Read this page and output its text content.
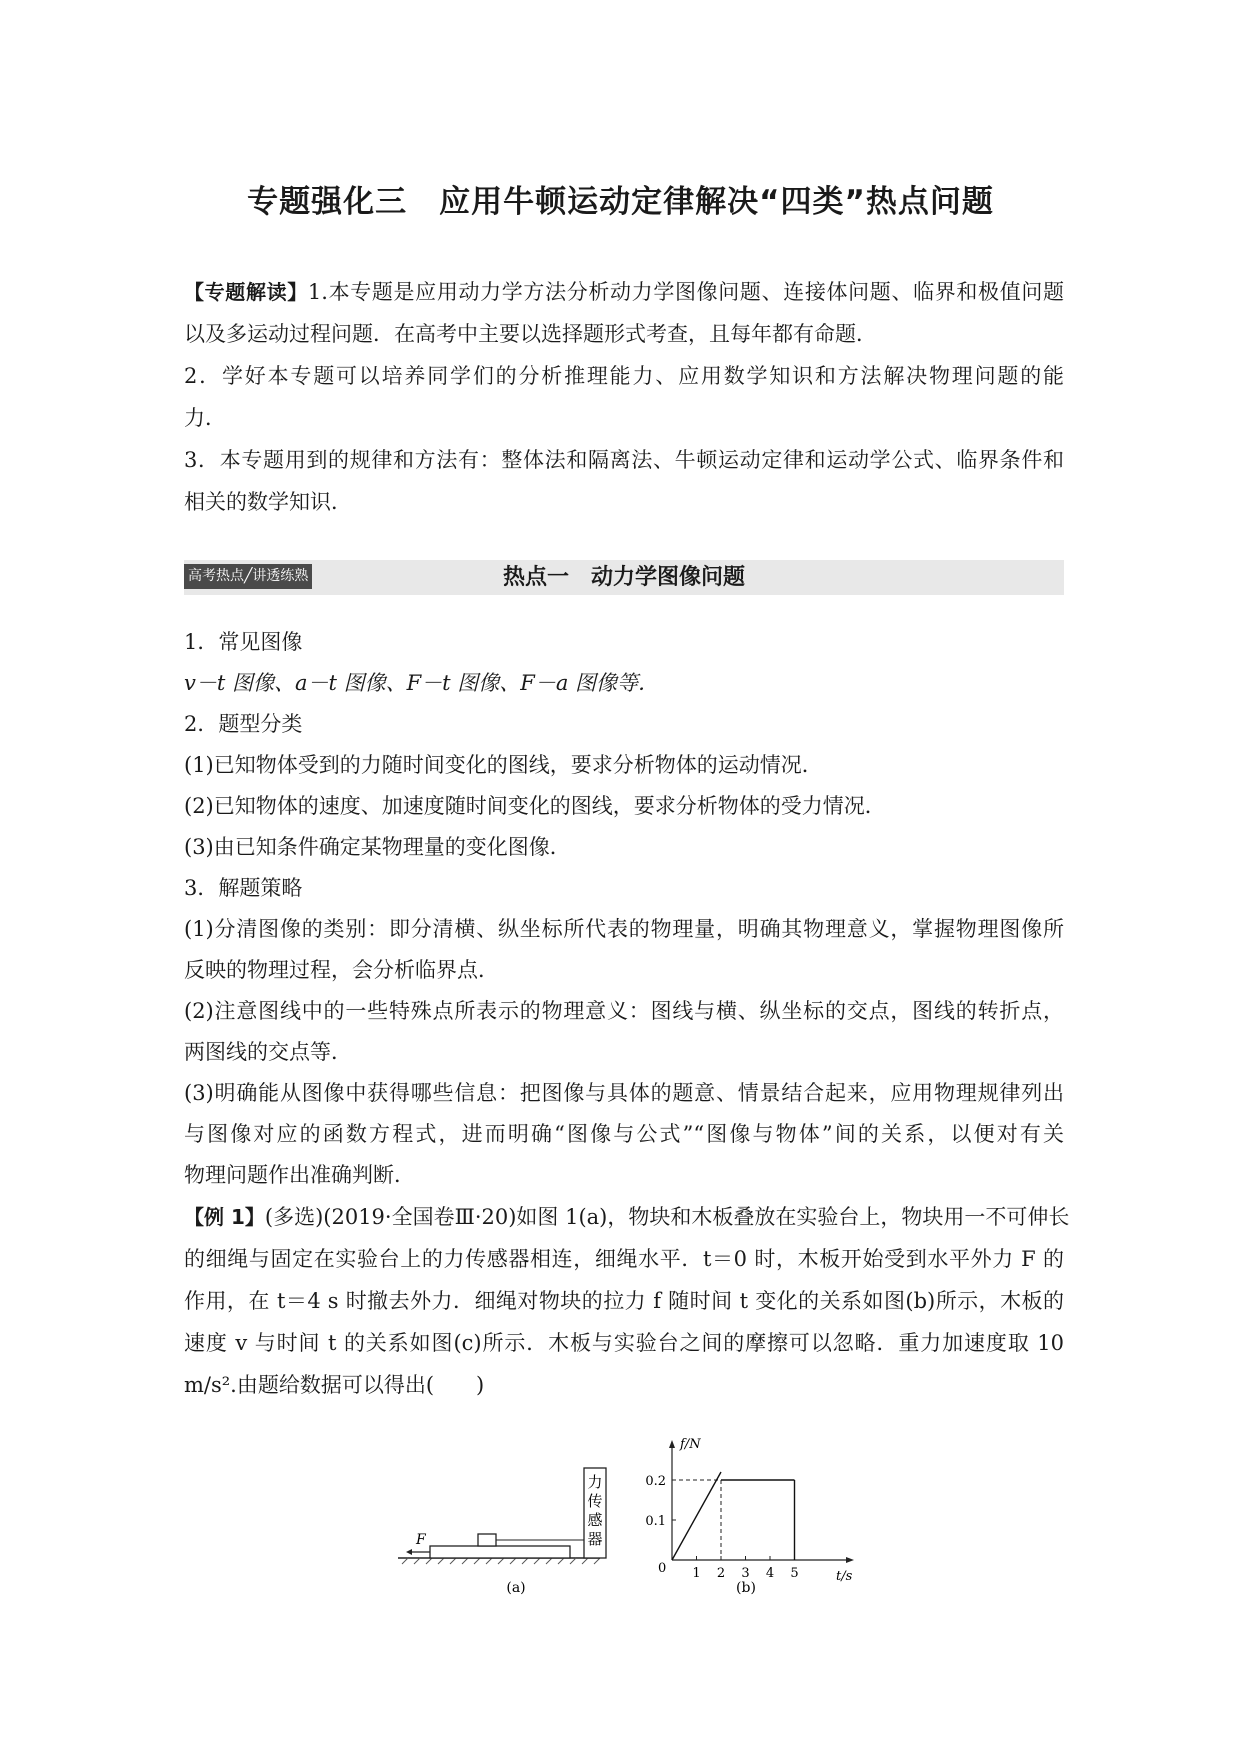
专题强化三　应用牛顿运动定律解决“四类”热点问题
【专题解读】1.本专题是应用动力学方法分析动力学图像问题、连接体问题、临界和极值问题
以及多运动过程问题．在高考中主要以选择题形式考查，且每年都有命题．
2．学好本专题可以培养同学们的分析推理能力、应用数学知识和方法解决物理问题的能
力．
3．本专题用到的规律和方法有：整体法和隔离法、牛顿运动定律和运动学公式、临界条件和
相关的数学知识．
热点一　动力学图像问题
高考热点╱讲透练熟
1．常见图像
v－t 图像、a－t 图像、F－t 图像、F－a 图像等．
2．题型分类
(1)已知物体受到的力随时间变化的图线，要求分析物体的运动情况．
(2)已知物体的速度、加速度随时间变化的图线，要求分析物体的受力情况．
(3)由已知条件确定某物理量的变化图像．
3．解题策略
(1)分清图像的类别：即分清横、纵坐标所代表的物理量，明确其物理意义，掌握物理图像所
反映的物理过程，会分析临界点．
(2)注意图线中的一些特殊点所表示的物理意义：图线与横、纵坐标的交点，图线的转折点，
两图线的交点等．
(3)明确能从图像中获得哪些信息：把图像与具体的题意、情景结合起来，应用物理规律列出
与图像对应的函数方程式，进而明确“图像与公式”“图像与物体”间的关系，以便对有关
物理问题作出准确判断．
【例 1】(多选)(2019·全国卷Ⅲ·20)如图 1(a)，物块和木板叠放在实验台上，物块用一不可伸长
的细绳与固定在实验台上的力传感器相连，细绳水平．t＝0 时，木板开始受到水平外力 F 的
作用，在 t＝4 s 时撤去外力．细绳对物块的拉力 f 随时间 t 变化的关系如图(b)所示，木板的
速度 v 与时间 t 的关系如图(c)所示．木板与实验台之间的摩擦可以忽略．重力加速度取 10
m/s².由题给数据可以得出(　　)
力
传
感
器
F
(a)
f/N
t/s
0 1 2 3 4 5
0.1
0.2
(b)
